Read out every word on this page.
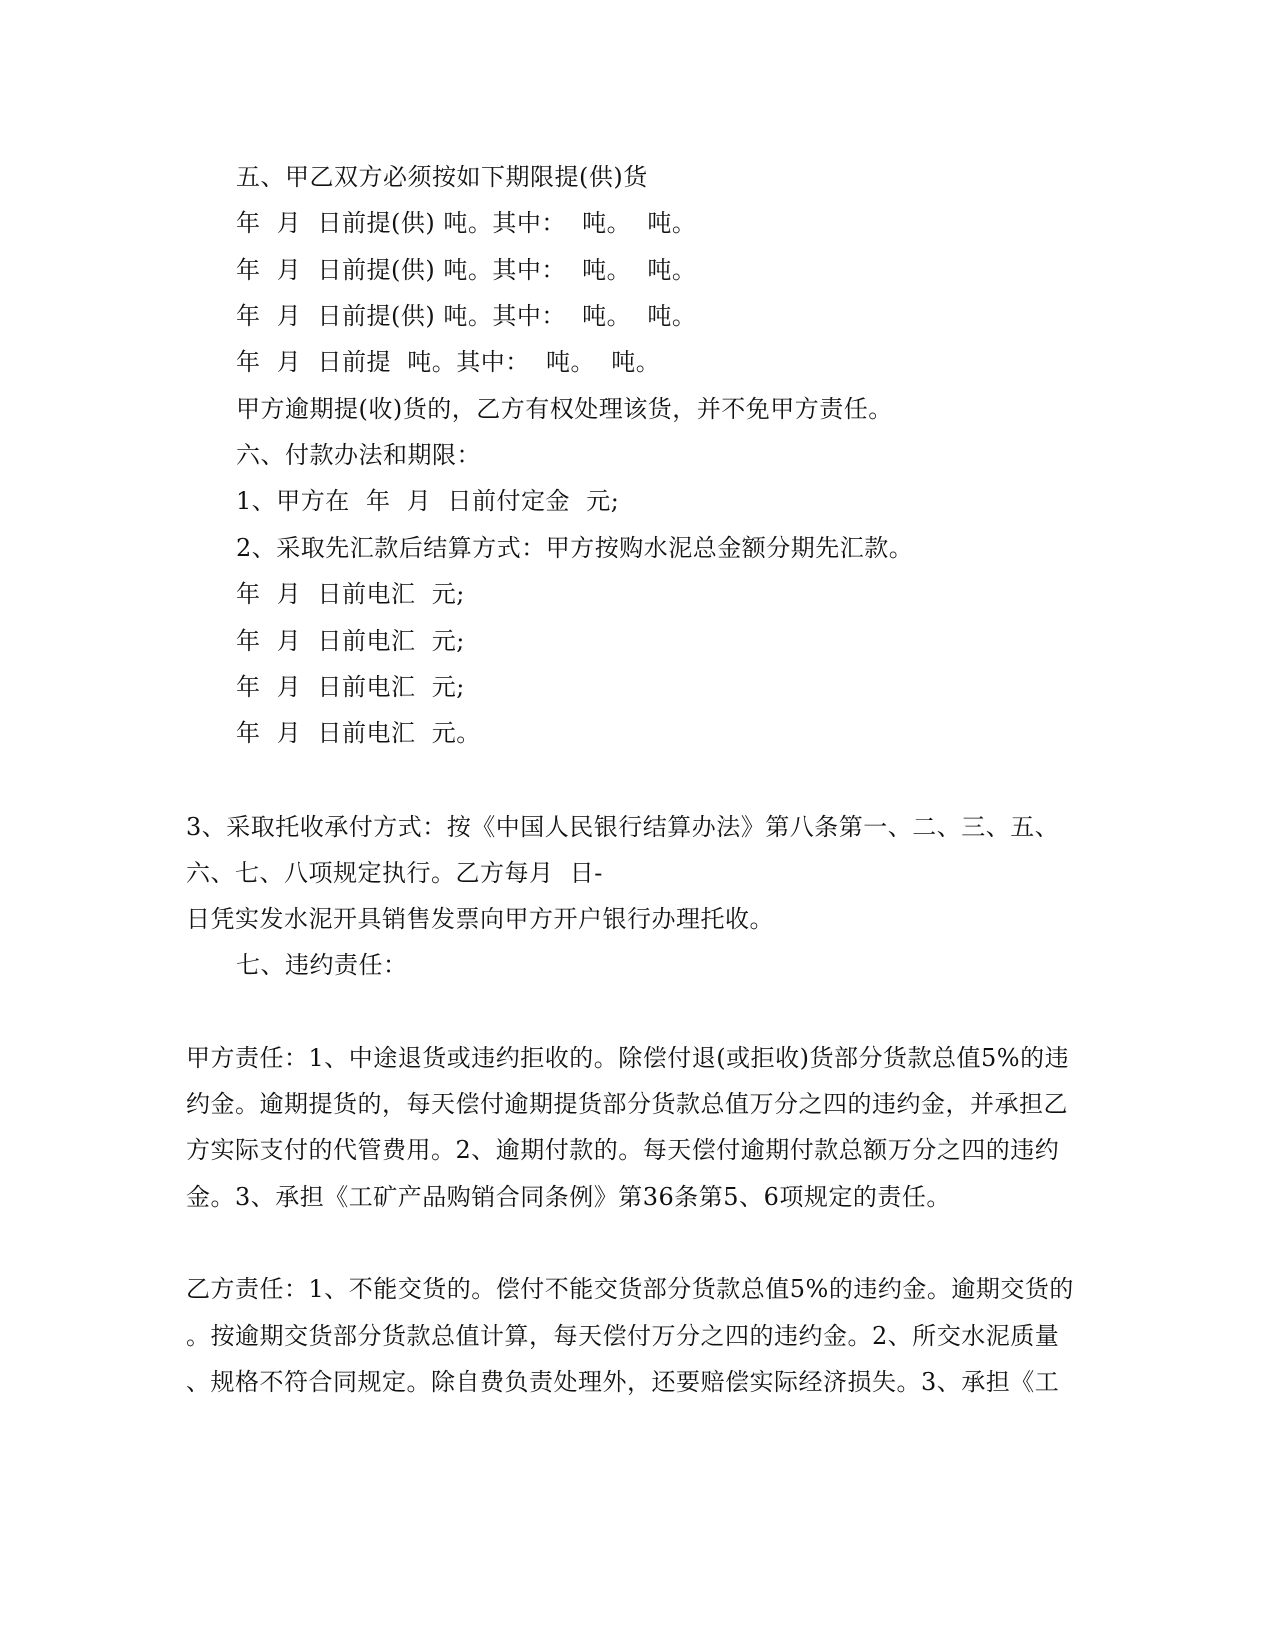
五、甲乙双方必须按如下期限提(供)货
年  月  日前提(供) 吨。其中：  吨。  吨。
年  月  日前提(供) 吨。其中：  吨。  吨。
年  月  日前提(供) 吨。其中：  吨。  吨。
年  月  日前提  吨。其中：  吨。  吨。
甲方逾期提(收)货的，乙方有权处理该货，并不免甲方责任。
六、付款办法和期限：
1、甲方在  年  月  日前付定金  元;
2、采取先汇款后结算方式：甲方按购水泥总金额分期先汇款。
年  月  日前电汇  元;
年  月  日前电汇  元;
年  月  日前电汇  元;
年  月  日前电汇  元。
3、采取托收承付方式：按《中国人民银行结算办法》第八条第一、二、三、五、
六、七、八项规定执行。乙方每月  日-
日凭实发水泥开具销售发票向甲方开户银行办理托收。
七、违约责任：
甲方责任：1、中途退货或违约拒收的。除偿付退(或拒收)货部分货款总值5%的违
约金。逾期提货的，每天偿付逾期提货部分货款总值万分之四的违约金，并承担乙
方实际支付的代管费用。2、逾期付款的。每天偿付逾期付款总额万分之四的违约
金。3、承担《工矿产品购销合同条例》第36条第5、6项规定的责任。
乙方责任：1、不能交货的。偿付不能交货部分货款总值5%的违约金。逾期交货的
。按逾期交货部分货款总值计算，每天偿付万分之四的违约金。2、所交水泥质量
、规格不符合同规定。除自费负责处理外，还要赔偿实际经济损失。3、承担《工
